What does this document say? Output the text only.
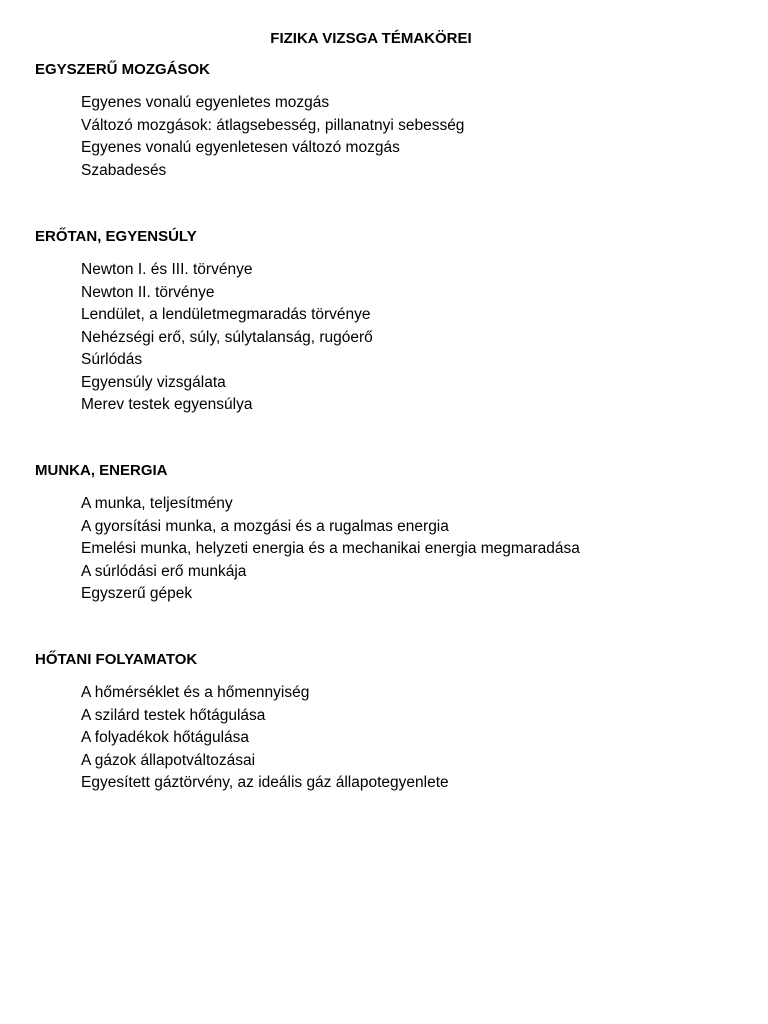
FIZIKA VIZSGA TÉMAKÖREI
EGYSZERŰ MOZGÁSOK
Egyenes vonalú egyenletes mozgás
Változó mozgások: átlagsebesség, pillanatnyi sebesség
Egyenes vonalú egyenletesen változó mozgás
Szabadesés
ERŐTAN, EGYENSÚLY
Newton I. és III. törvénye
Newton II. törvénye
Lendület, a lendületmegmaradás törvénye
Nehézségi erő, súly, súlytalanság, rugóerő
Súrlódás
Egyensúly vizsgálata
Merev testek egyensúlya
MUNKA, ENERGIA
A munka, teljesítmény
A gyorsítási munka, a mozgási és a rugalmas energia
Emelési munka, helyzeti energia és a mechanikai energia megmaradása
A súrlódási erő munkája
Egyszerű gépek
HŐTANI FOLYAMATOK
A hőmérséklet és a hőmennyiség
A szilárd testek hőtágulása
A folyadékok hőtágulása
A gázok állapotváltozásai
Egyesített gáztörvény, az ideális gáz állapotegyenlete
